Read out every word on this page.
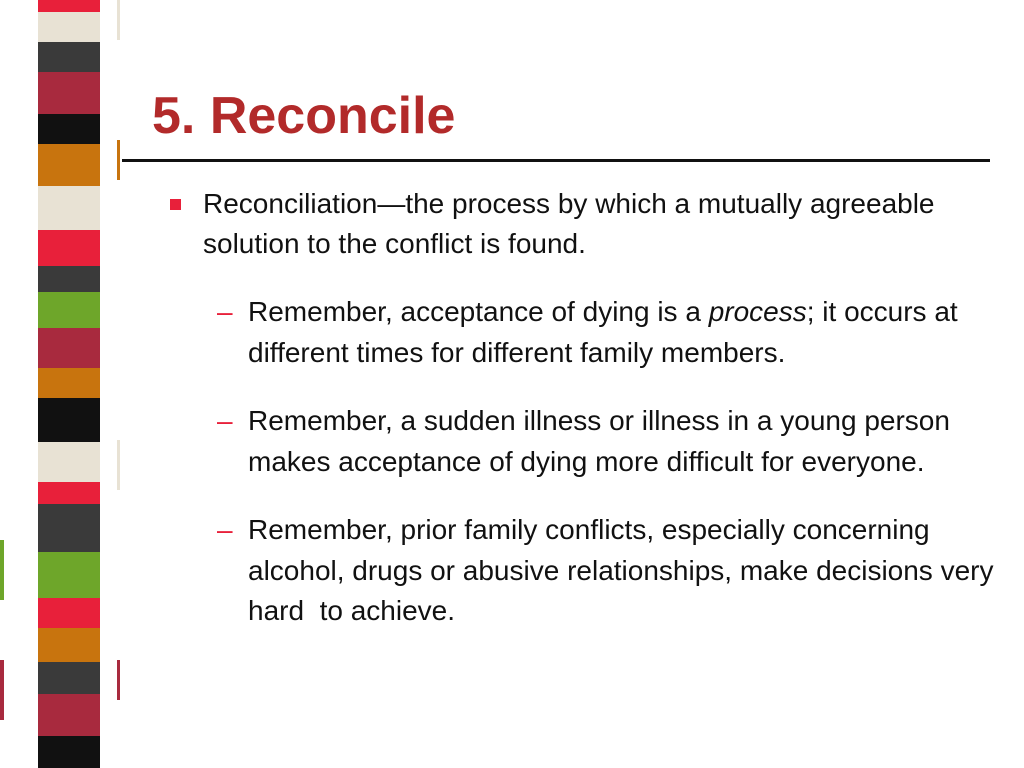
5. Reconcile

Reconciliation—the process by which a mutually agreeable solution to the conflict is found.

– Remember, acceptance of dying is a process; it occurs at different times for different family members.

– Remember, a sudden illness or illness in a young person makes acceptance of dying more difficult for everyone.

– Remember, prior family conflicts, especially concerning alcohol, drugs or abusive relationships, make decisions very hard  to achieve.
